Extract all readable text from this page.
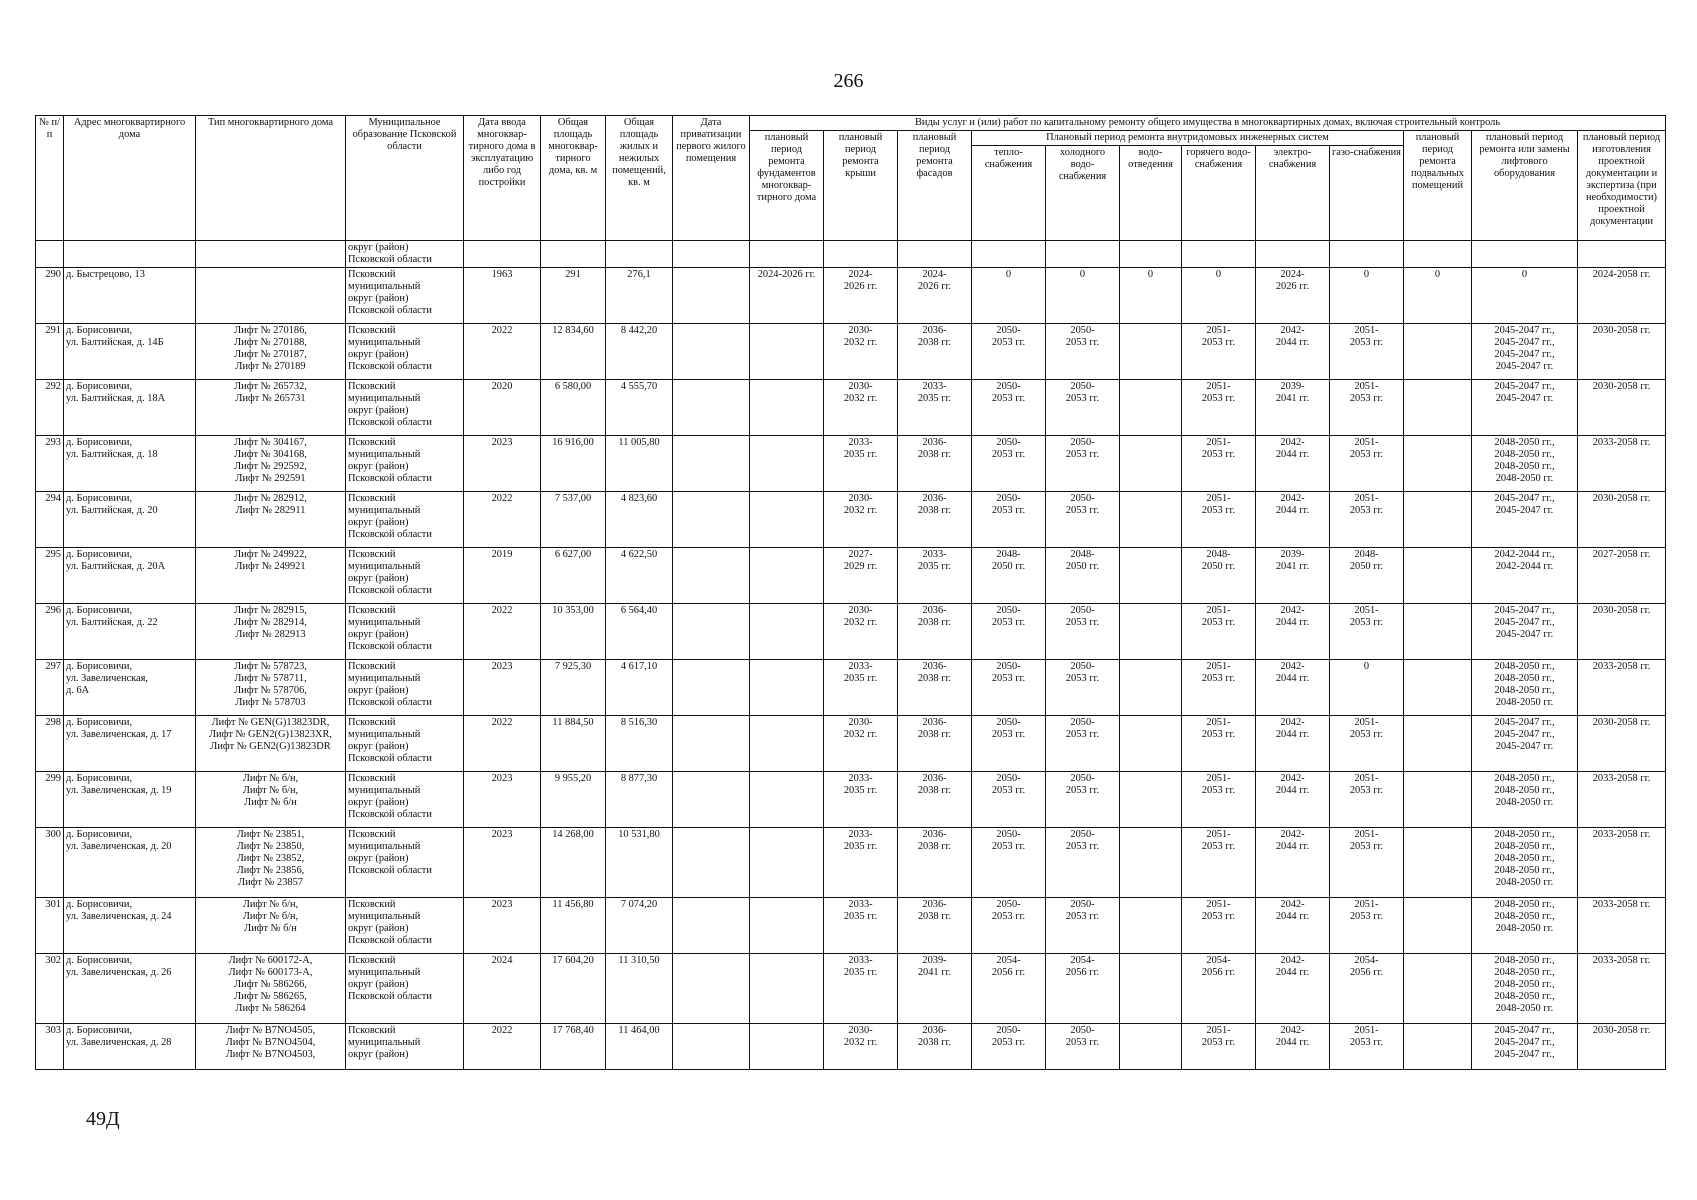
266
№ п/п	Адрес многоквартирного дома	Тип многоквартирного дома	Муниципальное образование Псковской области	Дата ввода многоквар-тирного дома в эксплуатацию либо год постройки	Общая площадь многоквар-тирного дома, кв. м	Общая площадь жилых и нежилых помещений, кв. м	Дата приватизации первого жилого помещения	Виды услуг и (или) работ по капитальному ремонту общего имущества в многоквартирных домах, включая строительный контроль											
								плановый период ремонта фундаментов многоквар-тирного дома	плановый период ремонта крыши	плановый период ремонта фасадов	Плановый период ремонта внутридомовых инженерных систем						плановый период ремонта подвальных помещений	плановый период ремонта или замены лифтового оборудования	плановый период изготовления проектной документации и экспертиза (при необходимости) проектной документации
											тепло-снабжения	холодного водо-снабжения	водо-отведения	горячего водо-снабжения	электро-снабжения	газо-снабжения			
			округ (район)
Псковской области																
290	д. Быстрецово, 13		Псковский
муниципальный
округ (район)
Псковской области	1963	291	276,1		2024-2026 гг.	2024-
2026 гг.	2024-
2026 гг.	0	0	0	0	2024-
2026 гг.	0	0	0	2024-2058 гг.
291	д. Борисовичи,
ул. Балтийская, д. 14Б	Лифт № 270186,
Лифт № 270188,
Лифт № 270187,
Лифт № 270189	Псковский
муниципальный
округ (район)
Псковской области	2022	12 834,60	8 442,20			2030-
2032 гг.	2036-
2038 гг.	2050-
2053 гг.	2050-
2053 гг.		2051-
2053 гг.	2042-
2044 гг.	2051-
2053 гг.		2045-2047 гг.,
2045-2047 гг.,
2045-2047 гг.,
2045-2047 гг.	2030-2058 гг.
292	д. Борисовичи,
ул. Балтийская, д. 18А	Лифт № 265732,
Лифт № 265731	Псковский
муниципальный
округ (район)
Псковской области	2020	6 580,00	4 555,70			2030-
2032 гг.	2033-
2035 гг.	2050-
2053 гг.	2050-
2053 гг.		2051-
2053 гг.	2039-
2041 гг.	2051-
2053 гг.		2045-2047 гг.,
2045-2047 гг.	2030-2058 гг.
293	д. Борисовичи,
ул. Балтийская, д. 18	Лифт № 304167,
Лифт № 304168,
Лифт № 292592,
Лифт № 292591	Псковский
муниципальный
округ (район)
Псковской области	2023	16 916,00	11 005,80			2033-
2035 гг.	2036-
2038 гг.	2050-
2053 гг.	2050-
2053 гг.		2051-
2053 гг.	2042-
2044 гг.	2051-
2053 гг.		2048-2050 гг.,
2048-2050 гг.,
2048-2050 гг.,
2048-2050 гг.	2033-2058 гг.
294	д. Борисовичи,
ул. Балтийская, д. 20	Лифт № 282912,
Лифт № 282911	Псковский
муниципальный
округ (район)
Псковской области	2022	7 537,00	4 823,60			2030-
2032 гг.	2036-
2038 гг.	2050-
2053 гг.	2050-
2053 гг.		2051-
2053 гг.	2042-
2044 гг.	2051-
2053 гг.		2045-2047 гг.,
2045-2047 гг.	2030-2058 гг.
295	д. Борисовичи,
ул. Балтийская, д. 20А	Лифт № 249922,
Лифт № 249921	Псковский
муниципальный
округ (район)
Псковской области	2019	6 627,00	4 622,50			2027-
2029 гг.	2033-
2035 гг.	2048-
2050 гг.	2048-
2050 гг.		2048-
2050 гг.	2039-
2041 гг.	2048-
2050 гг.		2042-2044 гг.,
2042-2044 гг.	2027-2058 гг.
296	д. Борисовичи,
ул. Балтийская, д. 22	Лифт № 282915,
Лифт № 282914,
Лифт № 282913	Псковский
муниципальный
округ (район)
Псковской области	2022	10 353,00	6 564,40			2030-
2032 гг.	2036-
2038 гг.	2050-
2053 гг.	2050-
2053 гг.		2051-
2053 гг.	2042-
2044 гг.	2051-
2053 гг.		2045-2047 гг.,
2045-2047 гг.,
2045-2047 гг.	2030-2058 гг.
297	д. Борисовичи,
ул. Завеличенская,
д. 6А	Лифт № 578723,
Лифт № 578711,
Лифт № 578706,
Лифт № 578703	Псковский
муниципальный
округ (район)
Псковской области	2023	7 925,30	4 617,10			2033-
2035 гг.	2036-
2038 гг.	2050-
2053 гг.	2050-
2053 гг.		2051-
2053 гг.	2042-
2044 гг.	0		2048-2050 гг.,
2048-2050 гг.,
2048-2050 гг.,
2048-2050 гг.	2033-2058 гг.
298	д. Борисовичи,
ул. Завеличенская, д. 17	Лифт № GEN(G)13823DR,
Лифт № GEN2(G)13823XR,
Лифт № GEN2(G)13823DR	Псковский
муниципальный
округ (район)
Псковской области	2022	11 884,50	8 516,30			2030-
2032 гг.	2036-
2038 гг.	2050-
2053 гг.	2050-
2053 гг.		2051-
2053 гг.	2042-
2044 гг.	2051-
2053 гг.		2045-2047 гг.,
2045-2047 гг.,
2045-2047 гг.	2030-2058 гг.
299	д. Борисовичи,
ул. Завеличенская, д. 19	Лифт № б/н,
Лифт № б/н,
Лифт № б/н	Псковский
муниципальный
округ (район)
Псковской области	2023	9 955,20	8 877,30			2033-
2035 гг.	2036-
2038 гг.	2050-
2053 гг.	2050-
2053 гг.		2051-
2053 гг.	2042-
2044 гг.	2051-
2053 гг.		2048-2050 гг.,
2048-2050 гг.,
2048-2050 гг.	2033-2058 гг.
300	д. Борисовичи,
ул. Завеличенская, д. 20	Лифт № 23851,
Лифт № 23850,
Лифт № 23852,
Лифт № 23856,
Лифт № 23857	Псковский
муниципальный
округ (район)
Псковской области	2023	14 268,00	10 531,80			2033-
2035 гг.	2036-
2038 гг.	2050-
2053 гг.	2050-
2053 гг.		2051-
2053 гг.	2042-
2044 гг.	2051-
2053 гг.		2048-2050 гг.,
2048-2050 гг.,
2048-2050 гг.,
2048-2050 гг.,
2048-2050 гг.	2033-2058 гг.
301	д. Борисовичи,
ул. Завеличенская, д. 24	Лифт № б/н,
Лифт № б/н,
Лифт № б/н	Псковский
муниципальный
округ (район)
Псковской области	2023	11 456,80	7 074,20			2033-
2035 гг.	2036-
2038 гг.	2050-
2053 гг.	2050-
2053 гг.		2051-
2053 гг.	2042-
2044 гг.	2051-
2053 гг.		2048-2050 гг.,
2048-2050 гг.,
2048-2050 гг.	2033-2058 гг.
302	д. Борисовичи,
ул. Завеличенская, д. 26	Лифт № 600172-А,
Лифт № 600173-А,
Лифт № 586266,
Лифт № 586265,
Лифт № 586264	Псковский
муниципальный
округ (район)
Псковской области	2024	17 604,20	11 310,50			2033-
2035 гг.	2039-
2041 гг.	2054-
2056 гг.	2054-
2056 гг.		2054-
2056 гг.	2042-
2044 гг.	2054-
2056 гг.		2048-2050 гг.,
2048-2050 гг.,
2048-2050 гг.,
2048-2050 гг.,
2048-2050 гг.	2033-2058 гг.
303	д. Борисовичи,
ул. Завеличенская, д. 28	Лифт № B7NO4505,
Лифт № B7NO4504,
Лифт № B7NO4503,	Псковский
муниципальный
округ (район)	2022	17 768,40	11 464,00			2030-
2032 гг.	2036-
2038 гг.	2050-
2053 гг.	2050-
2053 гг.		2051-
2053 гг.	2042-
2044 гг.	2051-
2053 гг.		2045-2047 гг.,
2045-2047 гг.,
2045-2047 гг.,	2030-2058 гг.
49Д
